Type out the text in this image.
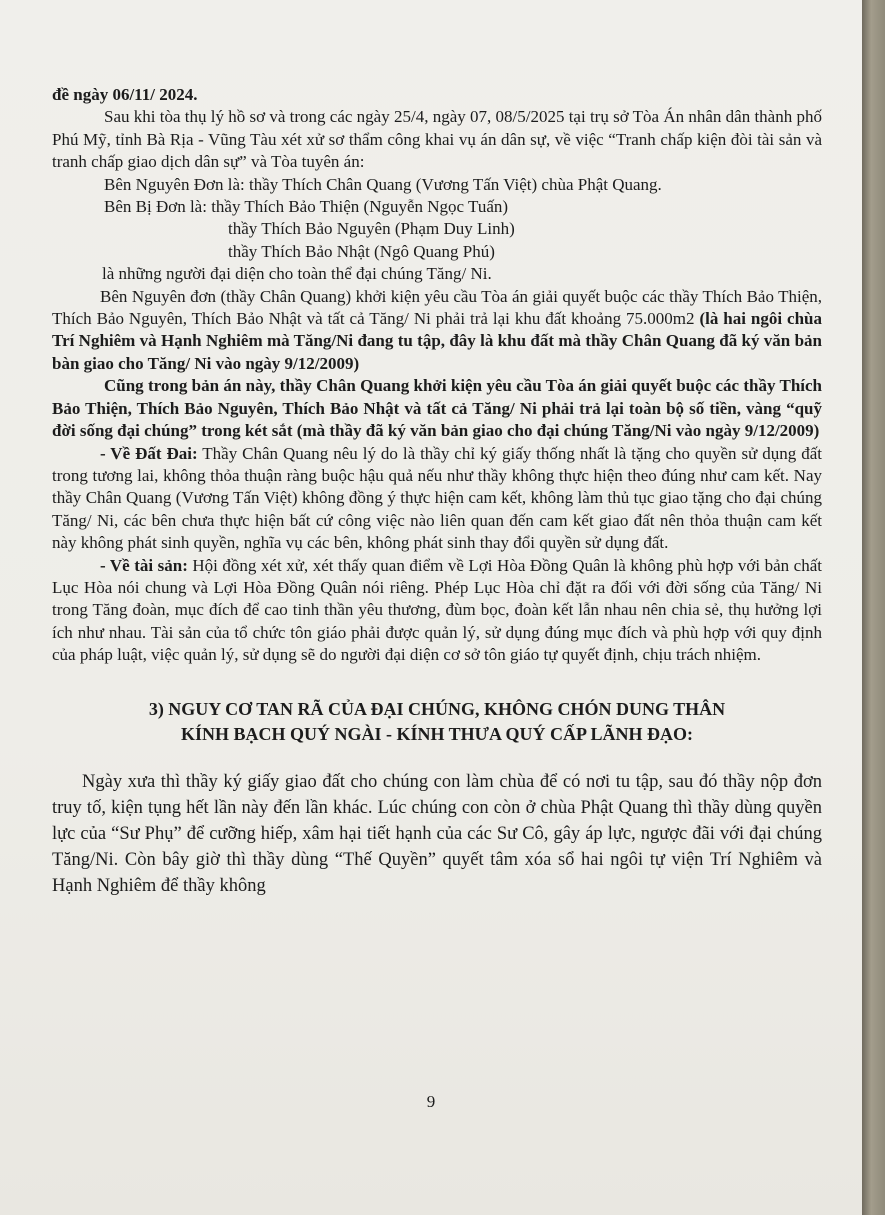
đề ngày 06/11/ 2024.

Sau khi tòa thụ lý hồ sơ và trong các ngày 25/4, ngày 07, 08/5/2025 tại trụ sở Tòa Án nhân dân thành phố Phú Mỹ, tỉnh Bà Rịa - Vũng Tàu xét xử sơ thẩm công khai vụ án dân sự, về việc “Tranh chấp kiện đòi tài sản và tranh chấp giao dịch dân sự” và Tòa tuyên án:

Bên Nguyên Đơn là: thầy Thích Chân Quang (Vương Tấn Việt) chùa Phật Quang.

Bên Bị Đơn là: thầy Thích Bảo Thiện (Nguyễn Ngọc Tuấn)

thầy Thích Bảo Nguyên (Phạm Duy Linh)

thầy Thích Bảo Nhật (Ngô Quang Phú)

là những người đại diện cho toàn thể đại chúng Tăng/ Ni.

Bên Nguyên đơn (thầy Chân Quang) khởi kiện yêu cầu Tòa án giải quyết buộc các thầy Thích Bảo Thiện, Thích Bảo Nguyên, Thích Bảo Nhật và tất cả Tăng/ Ni phải trả lại khu đất khoảng 75.000m2 (là hai ngôi chùa Trí Nghiêm và Hạnh Nghiêm mà Tăng/Ni đang tu tập, đây là khu đất mà thầy Chân Quang đã ký văn bản bàn giao cho Tăng/ Ni vào ngày 9/12/2009)

Cũng trong bản án này, thầy Chân Quang khởi kiện yêu cầu Tòa án giải quyết buộc các thầy Thích Bảo Thiện, Thích Bảo Nguyên, Thích Bảo Nhật và tất cả Tăng/ Ni phải trả lại toàn bộ số tiền, vàng “quỹ đời sống đại chúng” trong két sắt (mà thầy đã ký văn bản giao cho đại chúng Tăng/Ni vào ngày 9/12/2009)

- Về Đất Đai: Thầy Chân Quang nêu lý do là thầy chỉ ký giấy thống nhất là tặng cho quyền sử dụng đất trong tương lai, không thỏa thuận ràng buộc hậu quả nếu như thầy không thực hiện theo đúng như cam kết. Nay thầy Chân Quang (Vương Tấn Việt) không đồng ý thực hiện cam kết, không làm thủ tục giao tặng cho đại chúng Tăng/ Ni, các bên chưa thực hiện bất cứ công việc nào liên quan đến cam kết giao đất nên thỏa thuận cam kết này không phát sinh quyền, nghĩa vụ các bên, không phát sinh thay đổi quyền sử dụng đất.

- Về tài sản: Hội đồng xét xử, xét thấy quan điểm về Lợi Hòa Đồng Quân là không phù hợp với bản chất Lục Hòa nói chung và Lợi Hòa Đồng Quân nói riêng. Phép Lục Hòa chỉ đặt ra đối với đời sống của Tăng/ Ni trong Tăng đoàn, mục đích để cao tinh thần yêu thương, đùm bọc, đoàn kết lẫn nhau nên chia sẻ, thụ hưởng lợi ích như nhau. Tài sản của tổ chức tôn giáo phải được quản lý, sử dụng đúng mục đích và phù hợp với quy định của pháp luật, việc quản lý, sử dụng sẽ do người đại diện cơ sở tôn giáo tự quyết định, chịu trách nhiệm.

3) NGUY CƠ TAN RÃ CỦA ĐẠI CHÚNG, KHÔNG CHÓN DUNG THÂN
KÍNH BẠCH QUÝ NGÀI - KÍNH THƯA QUÝ CẤP LÃNH ĐẠO:

Ngày xưa thì thầy ký giấy giao đất cho chúng con làm chùa để có nơi tu tập, sau đó thầy nộp đơn truy tố, kiện tụng hết lần này đến lần khác. Lúc chúng con còn ở chùa Phật Quang thì thầy dùng quyền lực của “Sư Phụ” để cưỡng hiếp, xâm hại tiết hạnh của các Sư Cô, gây áp lực, ngược đãi với đại chúng Tăng/Ni. Còn bây giờ thì thầy dùng “Thế Quyền” quyết tâm xóa sổ hai ngôi tự viện Trí Nghiêm và Hạnh Nghiêm để thầy không

9
